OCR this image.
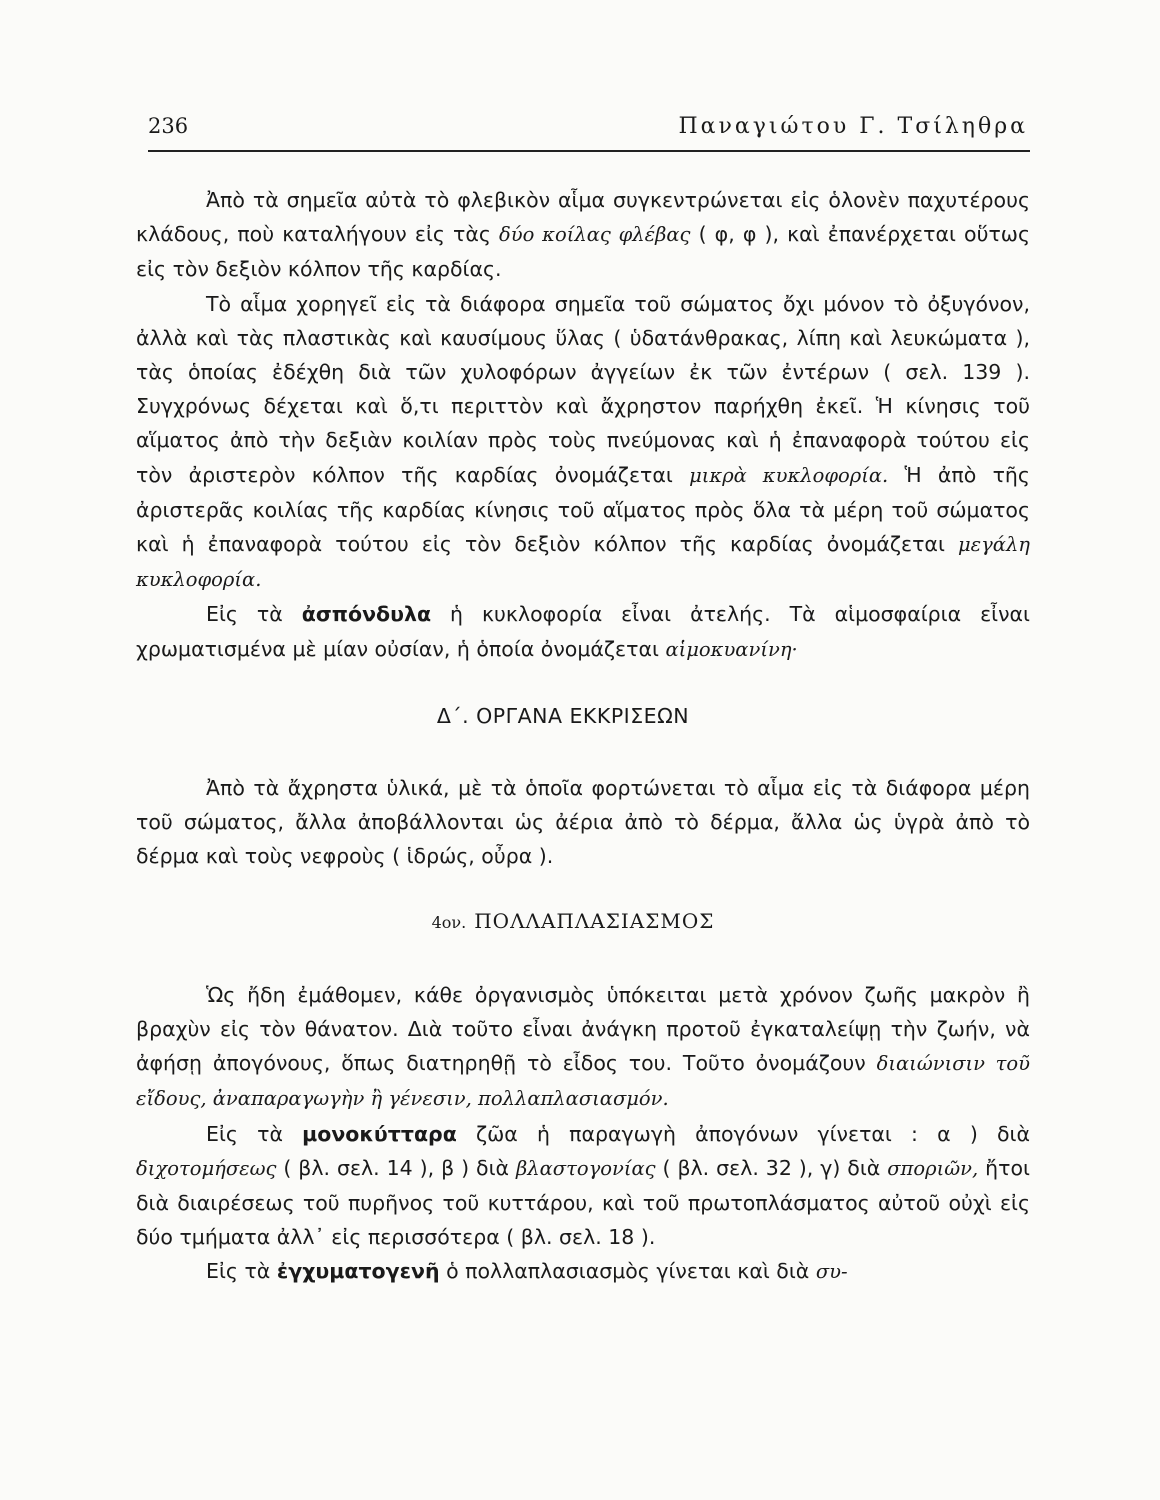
236	Παναγιώτου Γ. Τσίληθρα

Ἀπὸ τὰ σημεῖα αὐτὰ τὸ φλεβικὸν αἷμα συγκεντρώνεται εἰς ὁλονὲν παχυτέρους κλάδους, ποὺ καταλήγουν εἰς τὰς δύο κοίλας φλέβας ( φ, φ ), καὶ ἐπανέρχεται οὕτως εἰς τὸν δεξιὸν κόλπον τῆς καρδίας.

Τὸ αἷμα χορηγεῖ εἰς τὰ διάφορα σημεῖα τοῦ σώματος ὄχι μόνον τὸ ὀξυγόνον, ἀλλὰ καὶ τὰς πλαστικὰς καὶ καυσίμους ὕλας ( ὑδατάνθρακας, λίπη καὶ λευκώματα ), τὰς ὁποίας ἐδέχθη διὰ τῶν χυλοφόρων ἀγγείων ἐκ τῶν ἐντέρων ( σελ. 139 ). Συγχρόνως δέχεται καὶ ὅ,τι περιττὸν καὶ ἄχρηστον παρήχθη ἐκεῖ. Ἡ κίνησις τοῦ αἵματος ἀπὸ τὴν δεξιὰν κοιλίαν πρὸς τοὺς πνεύμονας καὶ ἡ ἐπαναφορὰ τούτου εἰς τὸν ἀριστερὸν κόλπον τῆς καρδίας ὀνομάζεται μικρὰ κυκλοφορία. Ἡ ἀπὸ τῆς ἀριστερᾶς κοιλίας τῆς καρδίας κίνησις τοῦ αἵματος πρὸς ὅλα τὰ μέρη τοῦ σώματος καὶ ἡ ἐπαναφορὰ τούτου εἰς τὸν δεξιὸν κόλπον τῆς καρδίας ὀνομάζεται μεγάλη κυκλοφορία.

Εἰς τὰ ἀσπόνδυλα ἡ κυκλοφορία εἶναι ἀτελής. Τὰ αἱμοσφαίρια εἶναι χρωματισμένα μὲ μίαν οὐσίαν, ἡ ὁποία ὀνομάζεται αἱμοκυανίνη·

Δ΄. ΟΡΓΑΝΑ ΕΚΚΡΙΣΕΩΝ

Ἀπὸ τὰ ἄχρηστα ὑλικά, μὲ τὰ ὁποῖα φορτώνεται τὸ αἷμα εἰς τὰ διάφορα μέρη τοῦ σώματος, ἄλλα ἀποβάλλονται ὡς ἀέρια ἀπὸ τὸ δέρμα, ἄλλα ὡς ὑγρὰ ἀπὸ τὸ δέρμα καὶ τοὺς νεφροὺς ( ἱδρώς, οὖρα ).

4ον. ΠΟΛΛΑΠΛΑΣΙΑΣΜΟΣ

Ὡς ἤδη ἐμάθομεν, κάθε ὀργανισμὸς ὑπόκειται μετὰ χρόνον ζωῆς μακρὸν ἢ βραχὺν εἰς τὸν θάνατον. Διὰ τοῦτο εἶναι ἀνάγκη προτοῦ ἐγκαταλείψῃ τὴν ζωήν, νὰ ἀφήσῃ ἀπογόνους, ὅπως διατηρηθῇ τὸ εἶδος του. Τοῦτο ὀνομάζουν διαιώνισιν τοῦ εἴδους, ἀναπαραγωγὴν ἢ γένεσιν, πολλαπλασιασμόν.

Εἰς τὰ μονοκύτταρα ζῶα ἡ παραγωγὴ ἀπογόνων γίνεται : α ) διὰ διχοτομήσεως ( βλ. σελ. 14 ), β ) διὰ βλαστογονίας ( βλ. σελ. 32 ), γ) διὰ σποριῶν, ἤτοι διὰ διαιρέσεως τοῦ πυρῆνος τοῦ κυττάρου, καὶ τοῦ πρωτοπλάσματος αὐτοῦ οὐχὶ εἰς δύο τμήματα ἀλλ᾽ εἰς περισσότερα ( βλ. σελ. 18 ).

Εἰς τὰ ἐγχυματογενῆ ὁ πολλαπλασιασμὸς γίνεται καὶ διὰ συ-
